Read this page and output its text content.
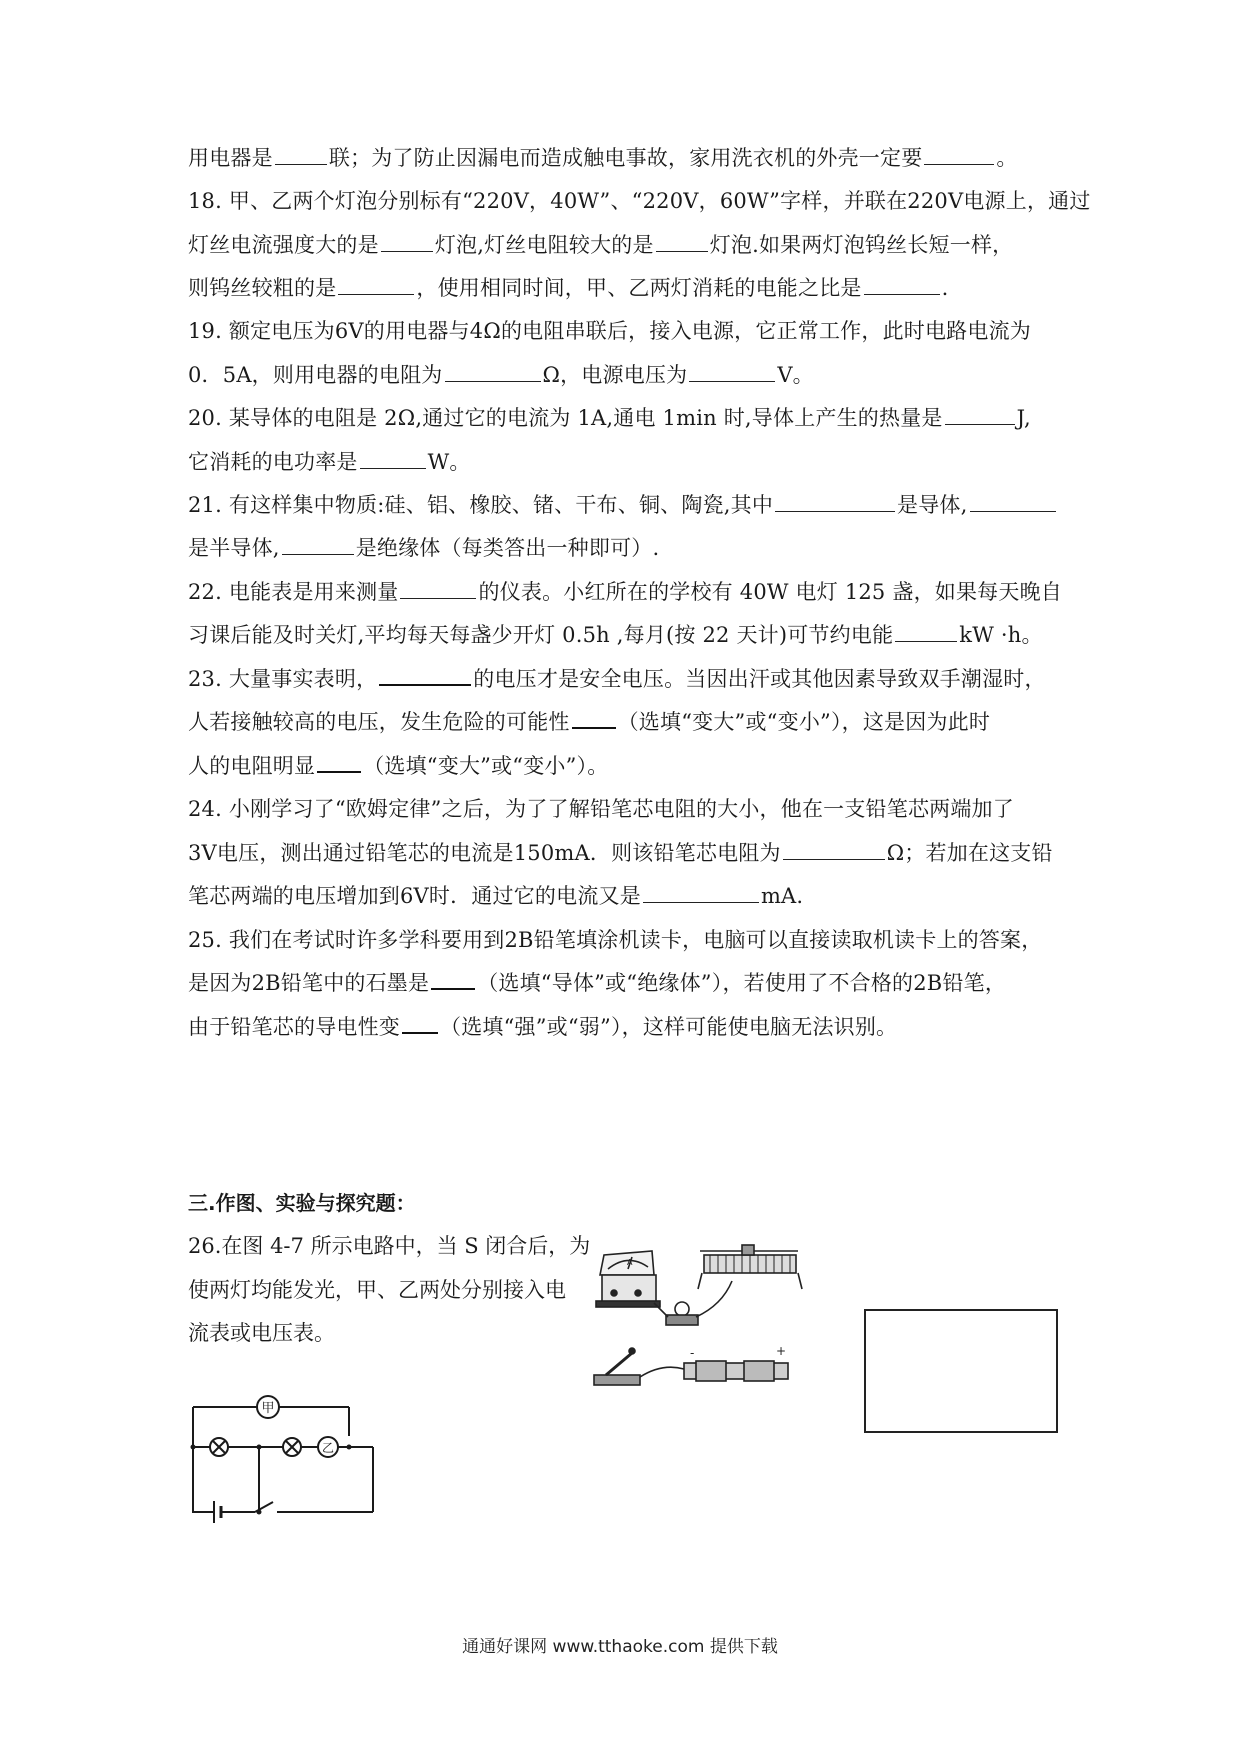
用电器是	联；为了防止因漏电而造成触电事故，家用洗衣机的外壳一定要	。
18. 甲、乙两个灯泡分别标有“220V，40W”、“220V，60W”字样，并联在220V电源上，通过
灯丝电流强度大的是	灯泡,灯丝电阻较大的是	灯泡.如果两灯泡钨丝长短一样，
则钨丝较粗的是	，使用相同时间，甲、乙两灯消耗的电能之比是	.
19. 额定电压为6V的用电器与4Ω的电阻串联后，接入电源，它正常工作，此时电路电流为
0．5A，则用电器的电阻为	Ω，电源电压为	V。
20. 某导体的电阻是 2Ω,通过它的电流为 1A,通电 1min 时,导体上产生的热量是	J,
它消耗的电功率是	W。
21. 有这样集中物质:硅、铝、橡胶、锗、干布、铜、陶瓷,其中	是导体,
是半导体,	是绝缘体（每类答出一种即可）.
22. 电能表是用来测量	的仪表。小红所在的学校有 40W 电灯 125 盏，如果每天晚自
习课后能及时关灯,平均每天每盏少开灯 0.5h ,每月(按 22 天计)可节约电能	kW ·h。
23. 大量事实表明，	的电压才是安全电压。当因出汗或其他因素导致双手潮湿时，
人若接触较高的电压，发生危险的可能性 （选填“变大”或“变小”），这是因为此时
人的电阻明显 （选填“变大”或“变小”）。
24. 小刚学习了“欧姆定律”之后，为了了解铅笔芯电阻的大小，他在一支铅笔芯两端加了
3V电压，测出通过铅笔芯的电流是150mA．则该铅笔芯电阻为	Ω；若加在这支铅
笔芯两端的电压增加到6V时．通过它的电流又是	mA.
25. 我们在考试时许多学科要用到2B铅笔填涂机读卡，电脑可以直接读取机读卡上的答案，
是因为2B铅笔中的石墨是 （选填“导体”或“绝缘体”），若使用了不合格的2B铅笔，
由于铅笔芯的导电性变 （选填“强”或“弱”），这样可能使电脑无法识别。
三.作图、实验与探究题：
26.在图 4-7 所示电路中，当 S 闭合后，为
使两灯均能发光，甲、乙两处分别接入电
流表或电压表。
甲
乙
A
-	+
通通好课网 www.tthaoke.com 提供下载
